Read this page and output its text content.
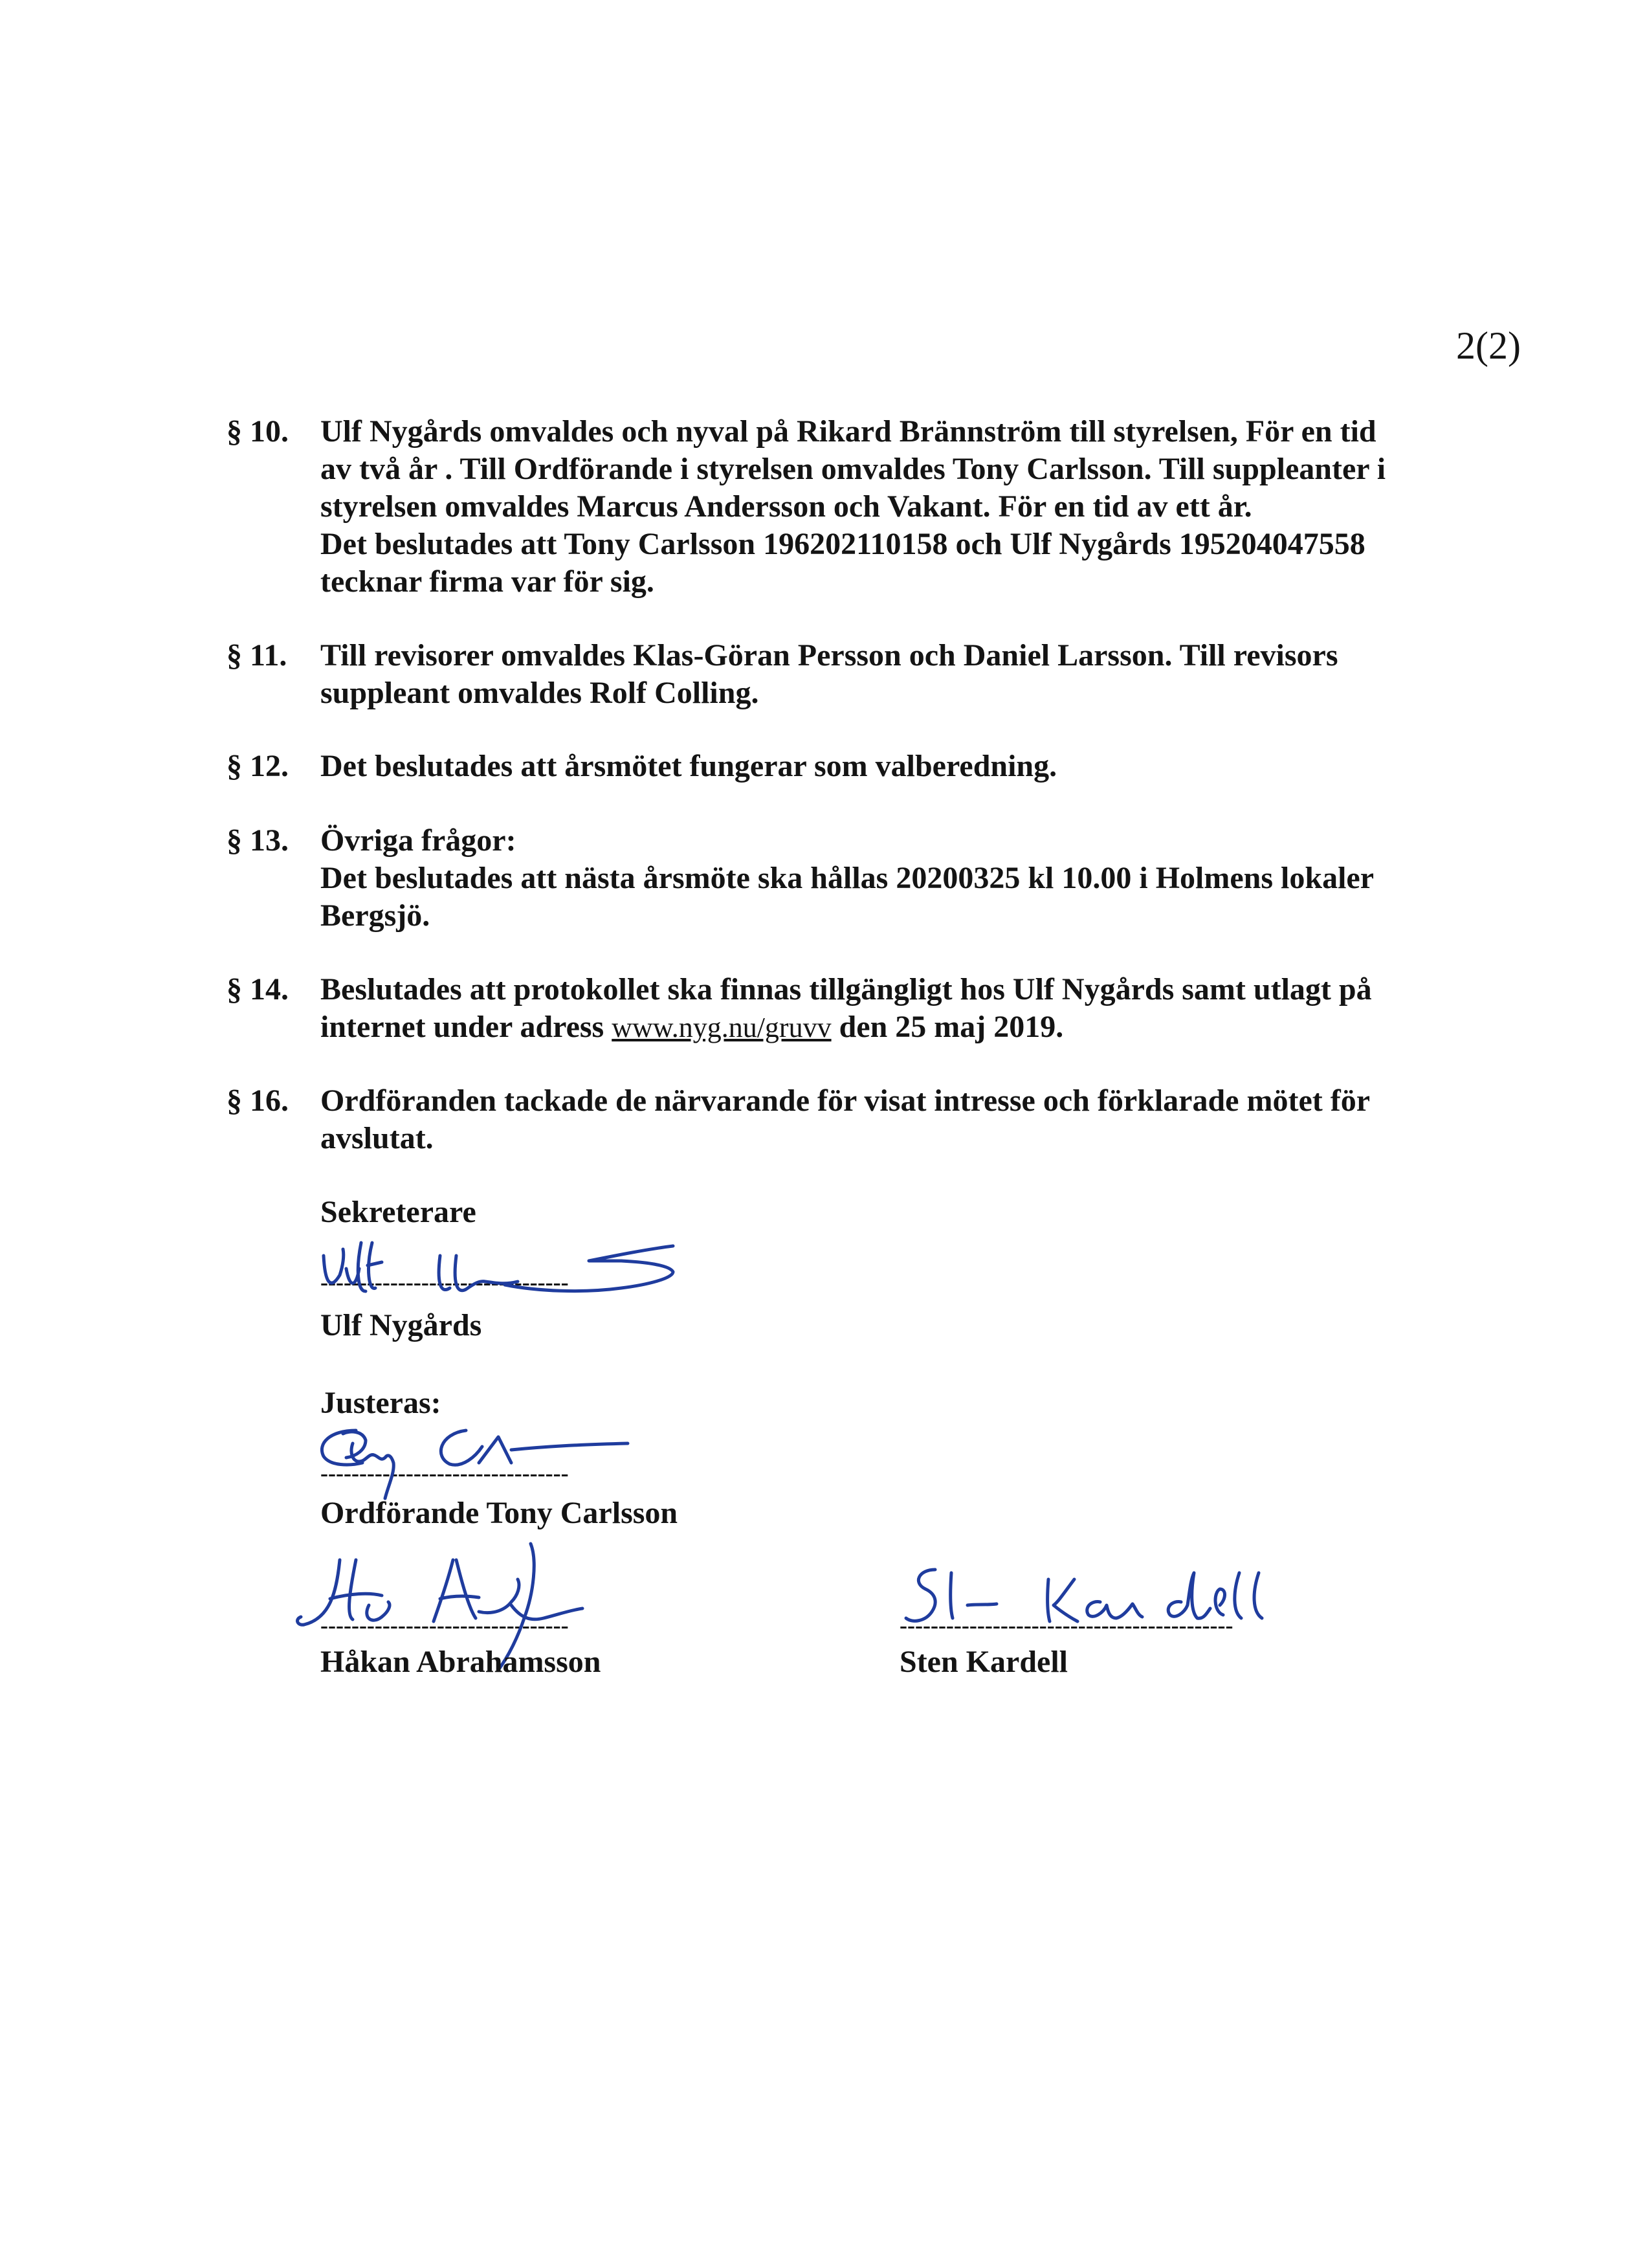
2(2)
§ 10.	Ulf Nygårds omvaldes och nyval på Rikard Brännström till styrelsen, För en tid
av två år . Till Ordförande i styrelsen omvaldes Tony Carlsson. Till suppleanter i
styrelsen omvaldes Marcus Andersson och Vakant. För en tid av ett år.
Det beslutades att Tony Carlsson 196202110158 och Ulf Nygårds 195204047558
tecknar firma var för sig.
§ 11.	Till revisorer omvaldes Klas-Göran Persson och Daniel Larsson. Till revisors
suppleant omvaldes Rolf Colling.
§ 12.	Det beslutades att årsmötet fungerar som valberedning.
§ 13.	Övriga frågor:
Det beslutades att nästa årsmöte ska hållas 20200325 kl 10.00 i Holmens lokaler
Bergsjö.
§ 14.	Beslutades att protokollet ska finnas tillgängligt hos Ulf Nygårds samt utlagt på
internet under adress www.nyg.nu/gruvv den 25 maj 2019.
§ 16.	Ordföranden tackade de närvarande för visat intresse och förklarade mötet för
avslutat.
Sekreterare
--------------------------------
Ulf Nygårds
Justeras:
--------------------------------
Ordförande Tony Carlsson
--------------------------------
Håkan Abrahamsson
-------------------------------------------
Sten Kardell
